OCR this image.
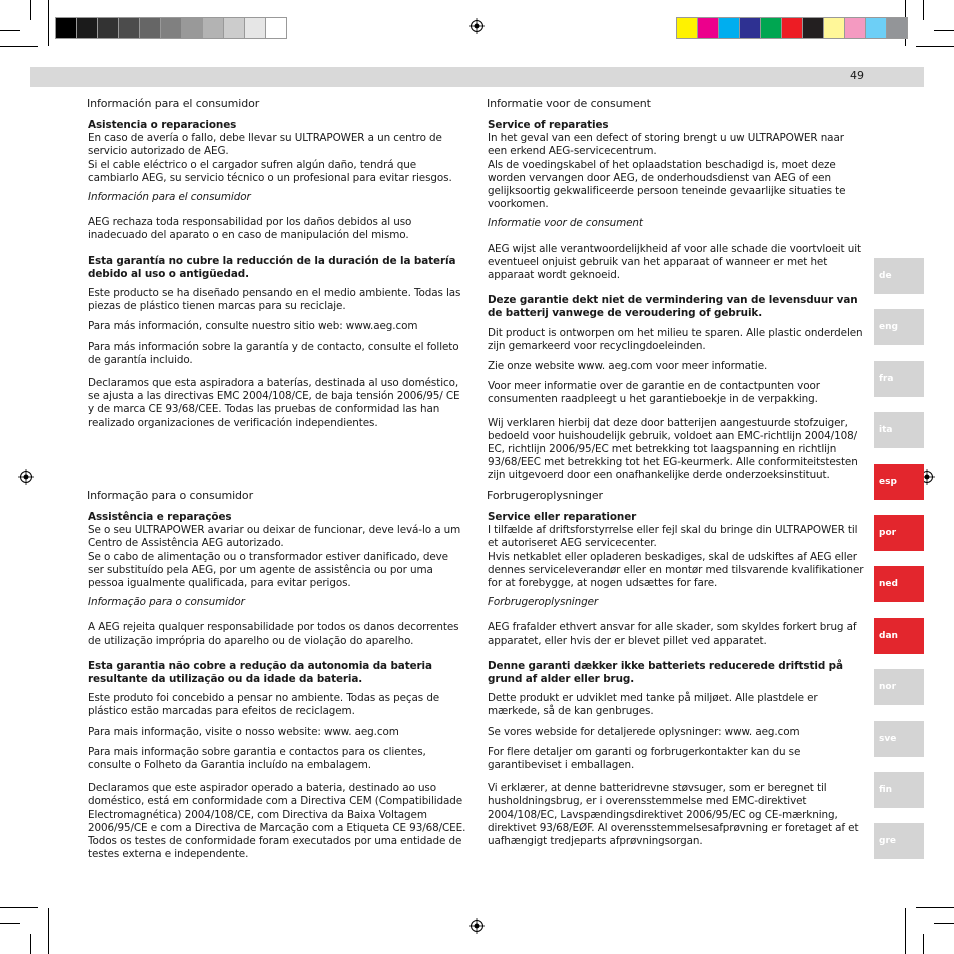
49
Información para el consumidor

Asistencia o reparaciones

En caso de avería o fallo, debe llevar su ULTRAPOWER a un centro de servicio autorizado de AEG.

Si el cable eléctrico o el cargador sufren algún daño, tendrá que cambiarlo AEG, su servicio técnico o un profesional para evitar riesgos.

Información para el consumidor

AEG rechaza toda responsabilidad por los daños debidos al uso inadecuado del aparato o en caso de manipulación del mismo.

Esta garantía no cubre la reducción de la duración de la batería debido al uso o antigüedad.

Este producto se ha diseñado pensando en el medio ambiente. Todas las piezas de plástico tienen marcas para su reciclaje.

Para más información, consulte nuestro sitio web: www.aeg.com

Para más información sobre la garantía y de contacto, consulte el folleto de garantía incluido.

Declaramos que esta aspiradora a baterías, destinada al uso doméstico, se ajusta a las directivas EMC 2004/108/CE, de baja tensión 2006/95/ CE y de marca CE 93/68/CEE. Todas las pruebas de conformidad las han realizado organizaciones de verificación independientes.

Informatie voor de consument

Service of reparaties

In het geval van een defect of storing brengt u uw ULTRAPOWER naar een erkend AEG-servicecentrum.

Als de voedingskabel of het oplaadstation beschadigd is, moet deze worden vervangen door AEG, de onderhoudsdienst van AEG of een gelijksoortig gekwalificeerde persoon teneinde gevaarlijke situaties te voorkomen.

Informatie voor de consument

AEG wijst alle verantwoordelijkheid af voor alle schade die voortvloeit uit eventueel onjuist gebruik van het apparaat of wanneer er met het apparaat wordt geknoeid.

Deze garantie dekt niet de vermindering van de levensduur van de batterij vanwege de veroudering of gebruik.

Dit product is ontworpen om het milieu te sparen. Alle plastic onderdelen zijn gemarkeerd voor recyclingdoeleinden.

Zie onze website www. aeg.com voor meer informatie.

Voor meer informatie over de garantie en de contactpunten voor consumenten raadpleegt u het garantieboekje in de verpakking.

Wij verklaren hierbij dat deze door batterijen aangestuurde stofzuiger, bedoeld voor huishoudelijk gebruik, voldoet aan EMC-richtlijn 2004/108/ EC, richtlijn 2006/95/EC met betrekking tot laagspanning en richtlijn 93/68/EEC met betrekking tot het EG-keurmerk. Alle conformiteitstesten zijn uitgevoerd door een onafhankelijke derde onderzoeksinstituut.

Informação para o consumidor

Assistência e reparações

Se o seu ULTRAPOWER avariar ou deixar de funcionar, deve levá-lo a um Centro de Assistência AEG autorizado.

Se o cabo de alimentação ou o transformador estiver danificado, deve ser substituído pela AEG, por um agente de assistência ou por uma pessoa igualmente qualificada, para evitar perigos.

Informação para o consumidor

A AEG rejeita qualquer responsabilidade por todos os danos decorrentes de utilização imprópria do aparelho ou de violação do aparelho.

Esta garantia não cobre a redução da autonomia da bateria resultante da utilização ou da idade da bateria.

Este produto foi concebido a pensar no ambiente. Todas as peças de plástico estão marcadas para efeitos de reciclagem.

Para mais informação, visite o nosso website: www. aeg.com

Para mais informação sobre garantia e contactos para os clientes, consulte o Folheto da Garantia incluído na embalagem.

Declaramos que este aspirador operado a bateria, destinado ao uso doméstico, está em conformidade com a Directiva CEM (Compatibilidade Electromagnética) 2004/108/CE, com Directiva da Baixa Voltagem 2006/95/CE e com a Directiva de Marcação com a Etiqueta CE 93/68/CEE. Todos os testes de conformidade foram executados por uma entidade de testes externa e independente.

Forbrugeroplysninger

Service eller reparationer

I tilfælde af driftsforstyrrelse eller fejl skal du bringe din ULTRAPOWER til et autoriseret AEG servicecenter.

Hvis netkablet eller opladeren beskadiges, skal de udskiftes af AEG eller dennes serviceleverandør eller en montør med tilsvarende kvalifikationer for at forebygge, at nogen udsættes for fare.

Forbrugeroplysninger

AEG frafalder ethvert ansvar for alle skader, som skyldes forkert brug af apparatet, eller hvis der er blevet pillet ved apparatet.

Denne garanti dækker ikke batteriets reducerede driftstid på grund af alder eller brug.

Dette produkt er udviklet med tanke på miljøet. Alle plastdele er mærkede, så de kan genbruges.

Se vores webside for detaljerede oplysninger: www. aeg.com

For flere detaljer om garanti og forbrugerkontakter kan du se garantibeviset i emballagen.

Vi erklærer, at denne batteridrevne støvsuger, som er beregnet til husholdningsbrug, er i overensstemmelse med EMC-direktivet 2004/108/EC, Lavspændingsdirektivet 2006/95/EC og CE-mærkning, direktivet 93/68/EØF. Al overensstemmelsesafprøvning er foretaget af et uafhængigt tredjeparts afprøvningsorgan.

de
eng
fra
ita
esp
por
ned
dan
nor
sve
fin
gre
